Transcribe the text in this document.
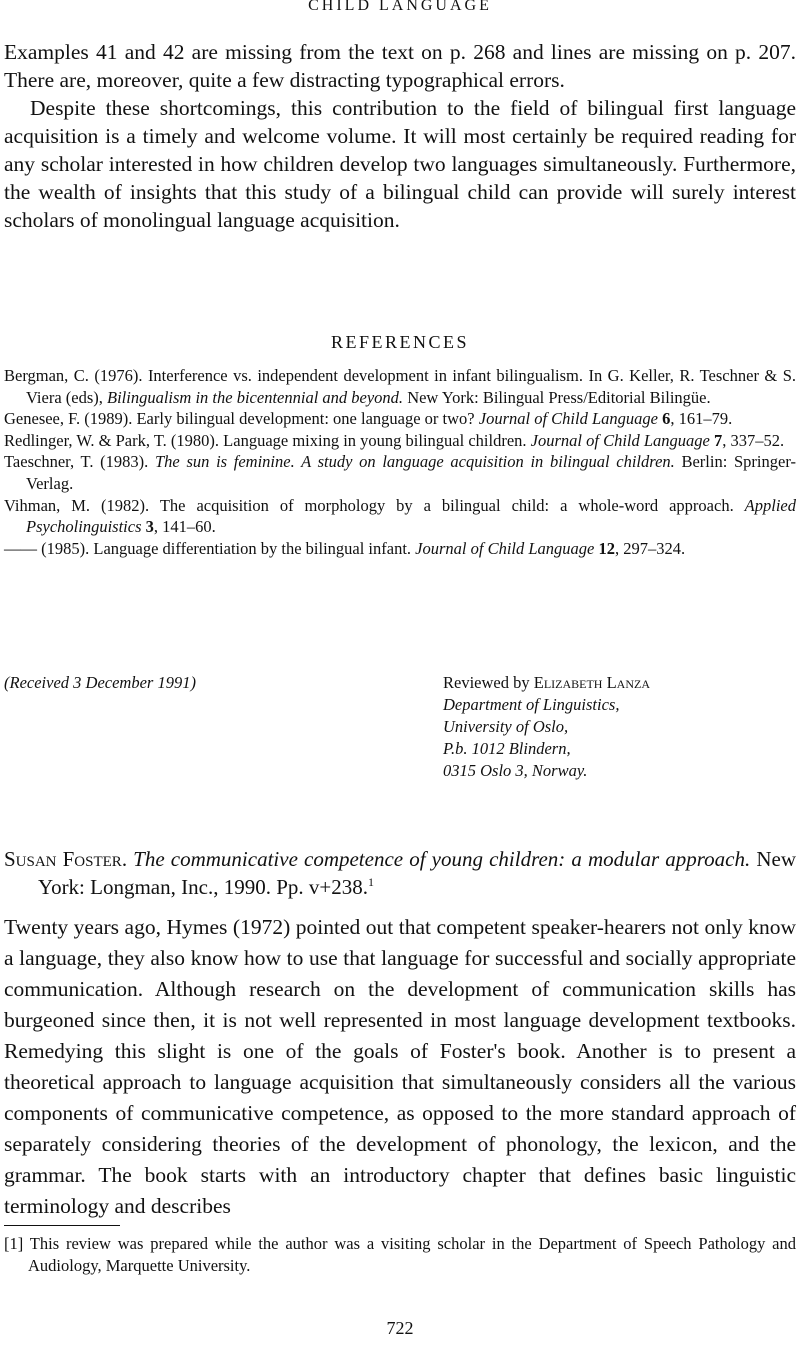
CHILD LANGUAGE

Examples 41 and 42 are missing from the text on p. 268 and lines are missing on p. 207. There are, moreover, quite a few distracting typographical errors.

Despite these shortcomings, this contribution to the field of bilingual first language acquisition is a timely and welcome volume. It will most certainly be required reading for any scholar interested in how children develop two languages simultaneously. Furthermore, the wealth of insights that this study of a bilingual child can provide will surely interest scholars of monolingual language acquisition.

REFERENCES
Bergman, C. (1976). Interference vs. independent development in infant bilingualism. In G. Keller, R. Teschner & S. Viera (eds), Bilingualism in the bicentennial and beyond. New York: Bilingual Press/Editorial Bilingüe.
Genesee, F. (1989). Early bilingual development: one language or two? Journal of Child Language 6, 161–79.
Redlinger, W. & Park, T. (1980). Language mixing in young bilingual children. Journal of Child Language 7, 337–52.
Taeschner, T. (1983). The sun is feminine. A study on language acquisition in bilingual children. Berlin: Springer-Verlag.
Vihman, M. (1982). The acquisition of morphology by a bilingual child: a whole-word approach. Applied Psycholinguistics 3, 141–60.
—— (1985). Language differentiation by the bilingual infant. Journal of Child Language 12, 297–324.
(Received 3 December 1991)	Reviewed by Elizabeth Lanza
Department of Linguistics,
University of Oslo,
P.b. 1012 Blindern,
0315 Oslo 3, Norway.
Susan Foster. The communicative competence of young children: a modular approach. New York: Longman, Inc., 1990. Pp. v+238.$^1$

Twenty years ago, Hymes (1972) pointed out that competent speaker-hearers not only know a language, they also know how to use that language for successful and socially appropriate communication. Although research on the development of communication skills has burgeoned since then, it is not well represented in most language development textbooks. Remedying this slight is one of the goals of Foster's book. Another is to present a theoretical approach to language acquisition that simultaneously considers all the various components of communicative competence, as opposed to the more standard approach of separately considering theories of the development of phonology, the lexicon, and the grammar. The book starts with an introductory chapter that defines basic linguistic terminology and describes

[1] This review was prepared while the author was a visiting scholar in the Department of Speech Pathology and Audiology, Marquette University.
722
